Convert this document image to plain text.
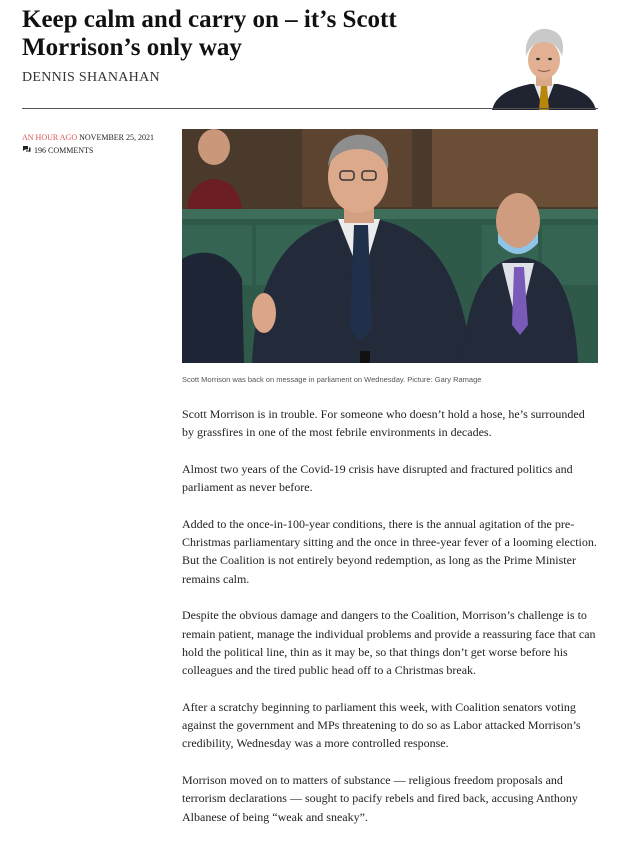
Keep calm and carry on – it’s Scott Morrison’s only way
DENNIS SHANAHAN
AN HOUR AGO NOVEMBER 25, 2021
196 COMMENTS
Scott Morrison was back on message in parliament on Wednesday. Picture: Gary Ramage

Scott Morrison is in trouble. For someone who doesn’t hold a hose, he’s surrounded by grassfires in one of the most febrile environments in decades.

Almost two years of the Covid-19 crisis have disrupted and fractured politics and parliament as never before.

Added to the once-in-100-year conditions, there is the annual agitation of the pre-Christmas parliamentary sitting and the once in three-year fever of a looming election. But the Coalition is not entirely beyond redemption, as long as the Prime Minister remains calm.

Despite the obvious damage and dangers to the Coalition, Morrison’s challenge is to remain patient, manage the individual problems and provide a reassuring face that can hold the political line, thin as it may be, so that things don’t get worse before his colleagues and the tired public head off to a Christmas break.

After a scratchy beginning to parliament this week, with Coalition senators voting against the government and MPs threatening to do so as Labor attacked Morrison’s credibility, Wednesday was a more controlled response.

Morrison moved on to matters of substance — religious freedom proposals and terrorism declarations — sought to pacify rebels and fired back, accusing Anthony Albanese of being “weak and sneaky”.
